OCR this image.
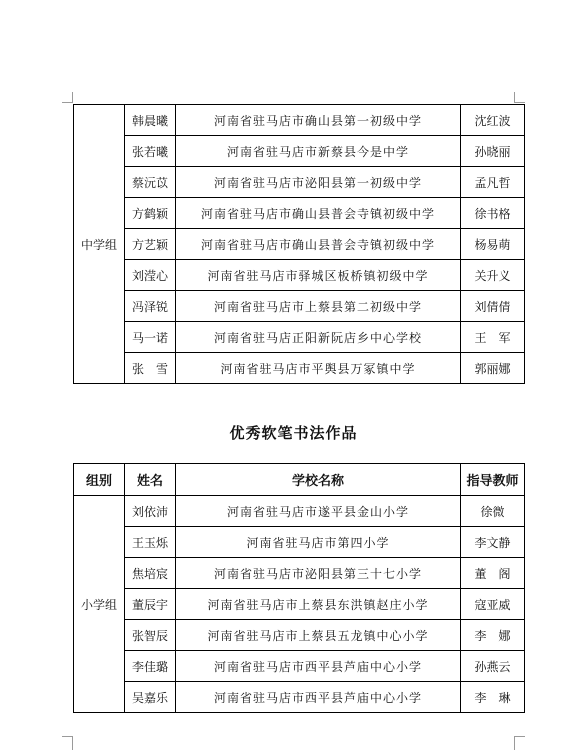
中学组	韩晨曦	河南省驻马店市确山县第一初级中学	沈红波
	张若曦	河南省驻马店市新蔡县今是中学	孙晓丽
	蔡沅苡	河南省驻马店市泌阳县第一初级中学	孟凡哲
	方鹤颖	河南省驻马店市确山县普会寺镇初级中学	徐书格
	方艺颖	河南省驻马店市确山县普会寺镇初级中学	杨易萌
	刘滢心	河南省驻马店市驿城区板桥镇初级中学	关升义
	冯泽锐	河南省驻马店市上蔡县第二初级中学	刘倩倩
	马一诺	河南省驻马店正阳新阮店乡中心学校	王　军
	张　雪	河南省驻马店市平舆县万冢镇中学	郭丽娜
优秀软笔书法作品
组别	姓名	学校名称	指导教师
小学组	刘依沛	河南省驻马店市遂平县金山小学	徐微
	王玉烁	河南省驻马店市第四小学	李文静
	焦培宸	河南省驻马店市泌阳县第三十七小学	董　阁
	董辰宇	河南省驻马店市上蔡县东洪镇赵庄小学	寇亚威
	张智辰	河南省驻马店市上蔡县五龙镇中心小学	李　娜
	李佳璐	河南省驻马店市西平县芦庙中心小学	孙燕云
	吴嘉乐	河南省驻马店市西平县芦庙中心小学	李　琳
